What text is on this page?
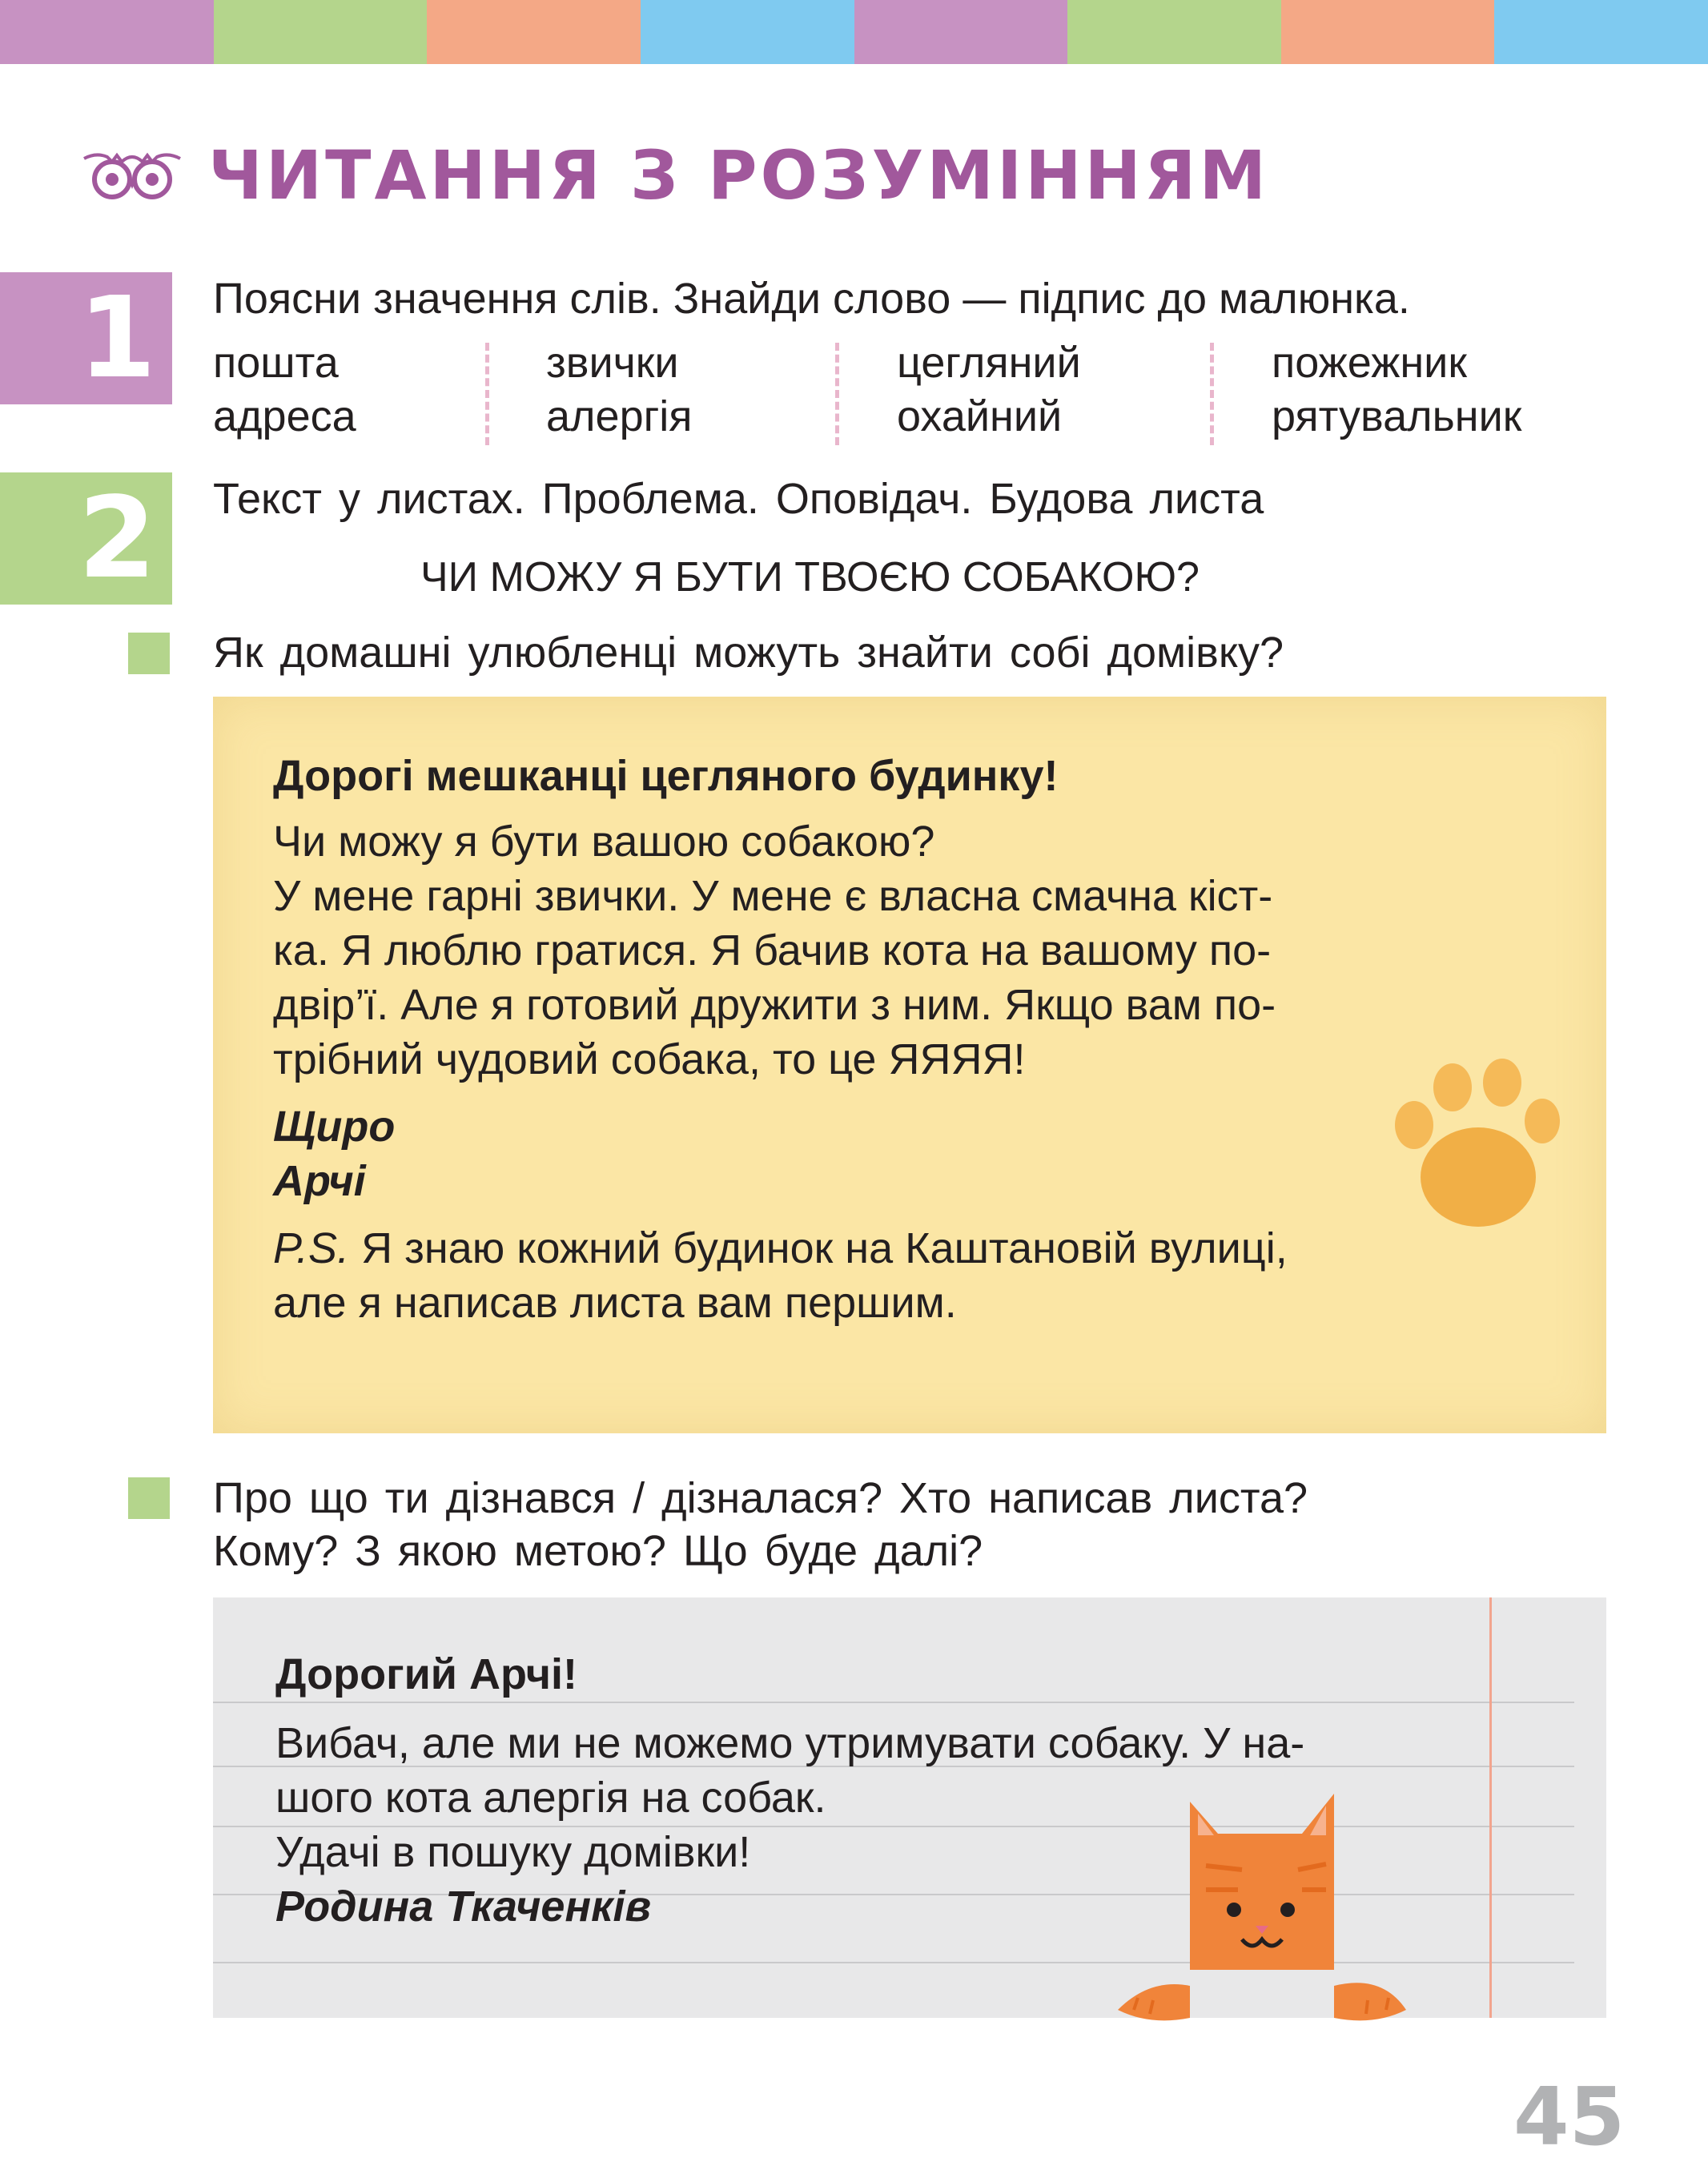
ЧИТАННЯ З РОЗУМІННЯМ
1	Поясни значення слів. Знайди слово — підпис до малюнка.
пошта
адреса
звички
алергія
цегляний
охайний
пожежник
рятувальник
2	Текст у листах. Проблема. Оповідач. Будова листа
ЧИ МОЖУ Я БУТИ ТВОЄЮ СОБАКОЮ?
Як домашні улюбленці можуть знайти собі домівку?

Дорогі мешканці цегляного будинку!

Чи можу я бути вашою собакою?

У мене гарні звички. У мене є власна смачна кіст-

ка. Я люблю гратися. Я бачив кота на вашому по-

двір’ї. Але я готовий дружити з ним. Якщо вам по-

трібний чудовий собака, то це ЯЯЯЯ!

Щиро

Арчі

P.S. Я знаю кожний будинок на Каштановій вулиці,

але я написав листа вам першим.

Про що ти дізнався / дізналася? Хто написав листа?
Кому? З якою метою? Що буде далі?

Дорогий Арчі!

Вибач, але ми не можемо утримувати собаку. У на-

шого кота алергія на собак.

Удачі в пошуку домівки!

Родина Ткаченків

45
